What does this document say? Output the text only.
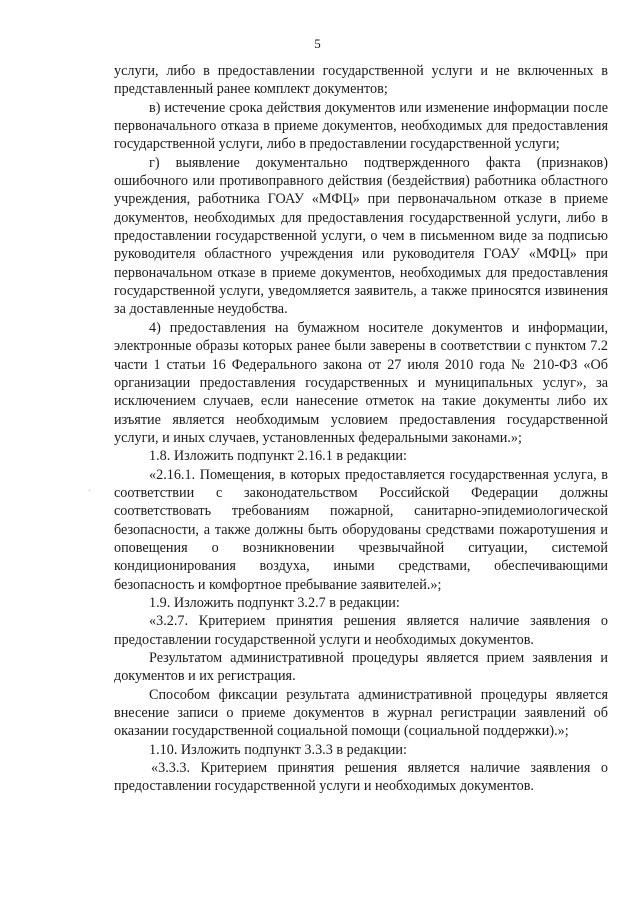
5

услуги, либо в предоставлении государственной услуги и не включенных в представленный ранее комплект документов;

в) истечение срока действия документов или изменение информации после первоначального отказа в приеме документов, необходимых для предоставления государственной услуги, либо в предоставлении государственной услуги;

г) выявление документально подтвержденного факта (признаков) ошибочного или противоправного действия (бездействия) работника областного учреждения, работника ГОАУ «МФЦ» при первоначальном отказе в приеме документов, необходимых для предоставления государственной услуги, либо в предоставлении государственной услуги, о чем в письменном виде за подписью руководителя областного учреждения или руководителя ГОАУ «МФЦ» при первоначальном отказе в приеме документов, необходимых для предоставления государственной услуги, уведомляется заявитель, а также приносятся извинения за доставленные неудобства.

4) предоставления на бумажном носителе документов и информации, электронные образы которых ранее были заверены в соответствии с пунктом 7.2 части 1 статьи 16 Федерального закона от 27 июля 2010 года № 210-ФЗ «Об организации предоставления государственных и муниципальных услуг», за исключением случаев, если нанесение отметок на такие документы либо их изъятие является необходимым условием предоставления государственной услуги, и иных случаев, установленных федеральными законами.»;

1.8. Изложить подпункт 2.16.1 в редакции:

«2.16.1. Помещения, в которых предоставляется государственная услуга, в соответствии с законодательством Российской Федерации должны соответствовать требованиям пожарной, санитарно-эпидемиологической безопасности, а также должны быть оборудованы средствами пожаротушения и оповещения о возникновении чрезвычайной ситуации, системой кондиционирования воздуха, иными средствами, обеспечивающими безопасность и комфортное пребывание заявителей.»;

1.9. Изложить подпункт 3.2.7 в редакции:

«3.2.7. Критерием принятия решения является наличие заявления о предоставлении государственной услуги и необходимых документов.

Результатом административной процедуры является прием заявления и документов и их регистрация.

Способом фиксации результата административной процедуры является внесение записи о приеме документов в журнал регистрации заявлений об оказании государственной социальной помощи (социальной поддержки).»;

1.10. Изложить подпункт 3.3.3 в редакции:

«3.3.3. Критерием принятия решения является наличие заявления о предоставлении государственной услуги и необходимых документов.

·
